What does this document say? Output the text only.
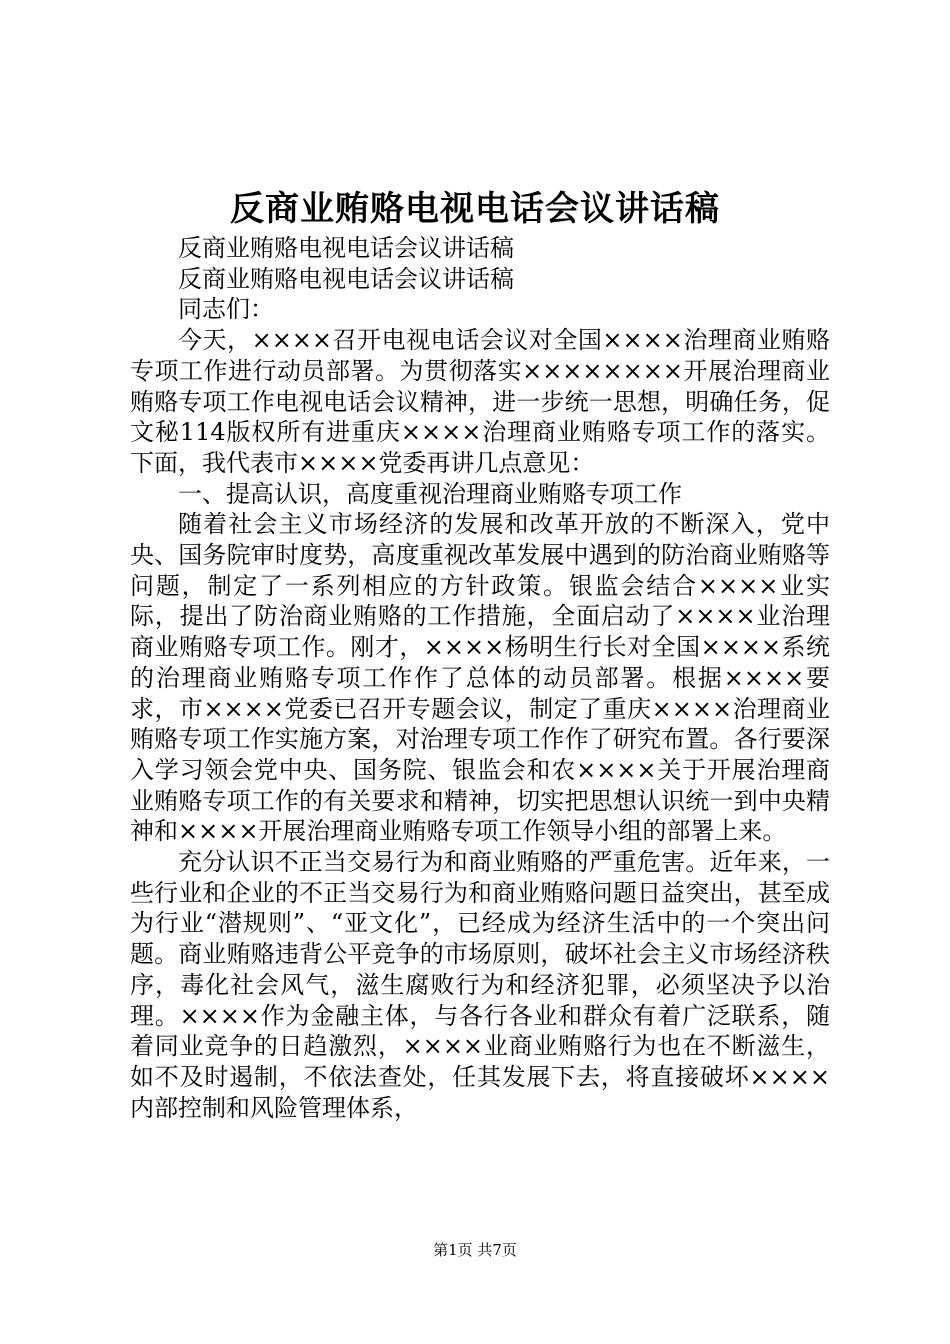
反商业贿赂电视电话会议讲话稿

反商业贿赂电视电话会议讲话稿

反商业贿赂电视电话会议讲话稿

同志们：

今天，××××召开电视电话会议对全国××××治理商业贿赂专项工作进行动员部署。为贯彻落实××××××××开展治理商业贿赂专项工作电视电话会议精神，进一步统一思想，明确任务，促文秘114版权所有进重庆××××治理商业贿赂专项工作的落实。下面，我代表市××××党委再讲几点意见：

一、提高认识，高度重视治理商业贿赂专项工作

随着社会主义市场经济的发展和改革开放的不断深入，党中央、国务院审时度势，高度重视改革发展中遇到的防治商业贿赂等问题，制定了一系列相应的方针政策。银监会结合××××业实际，提出了防治商业贿赂的工作措施，全面启动了××××业治理商业贿赂专项工作。刚才，××××杨明生行长对全国××××系统的治理商业贿赂专项工作作了总体的动员部署。根据××××要求，市××××党委已召开专题会议，制定了重庆××××治理商业贿赂专项工作实施方案，对治理专项工作作了研究布置。各行要深入学习领会党中央、国务院、银监会和农××××关于开展治理商业贿赂专项工作的有关要求和精神，切实把思想认识统一到中央精神和××××开展治理商业贿赂专项工作领导小组的部署上来。

充分认识不正当交易行为和商业贿赂的严重危害。近年来，一些行业和企业的不正当交易行为和商业贿赂问题日益突出，甚至成为行业“潜规则”、“亚文化”，已经成为经济生活中的一个突出问题。商业贿赂违背公平竞争的市场原则，破坏社会主义市场经济秩序，毒化社会风气，滋生腐败行为和经济犯罪，必须坚决予以治理。××××作为金融主体，与各行各业和群众有着广泛联系，随着同业竞争的日趋激烈，××××业商业贿赂行为也在不断滋生，如不及时遏制，不依法查处，任其发展下去，将直接破坏××××内部控制和风险管理体系，

第1页 共7页
